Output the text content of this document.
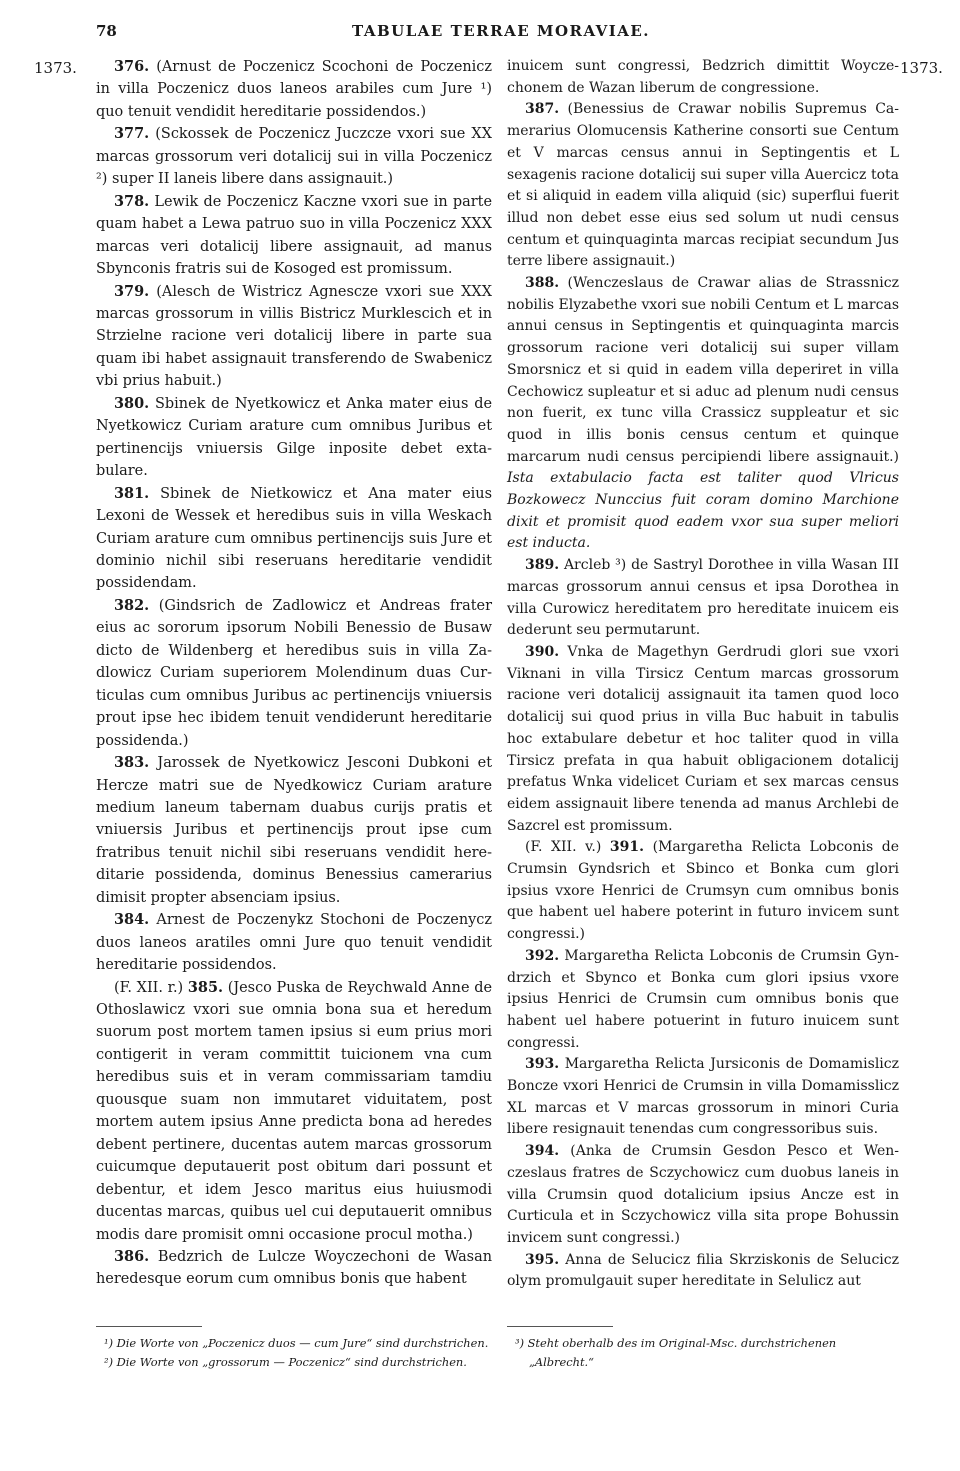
78	TABULAE TERRAE MORAVIAE.
1373.	1373.

376. (Arnust de Poczenicz Scochoni de Poczenicz in villa Poczenicz duos laneos arabiles cum Jure ¹) quo tenuit vendidit hereditarie possidendos.)

377. (Sckossek de Poczenicz Juczcze vxori sue XX marcas grossorum veri dotalicij sui in villa Poczenicz ²) super II laneis libere dans assignauit.)

378. Lewik de Poczenicz Kaczne vxori sue in parte quam habet a Lewa patruo suo in villa Poczenicz XXX marcas veri dotalicij libere assignauit, ad manus Sbynconis fratris sui de Kosoged est promissum.

379. (Alesch de Wistricz Agnescze vxori sue XXX marcas grossorum in villis Bistricz Murklescich et in Strzielne racione veri dotalicij libere in parte sua quam ibi habet assignauit transferendo de Swabenicz vbi prius habuit.)

380. Sbinek de Nyetkowicz et Anka mater eius de Nyetkowicz Curiam arature cum omnibus Juribus et pertinencijs vniuersis Gilge inposite debet extabulare.

381. Sbinek de Nietkowicz et Ana mater eius Lexoni de Wessek et heredibus suis in villa Weskach Curiam arature cum omnibus pertinencijs suis Jure et dominio nichil sibi reseruans hereditarie vendidit possidendam.

382. (Gindsrich de Zadlowicz et Andreas frater eius ac sororum ipsorum Nobili Benessio de Busaw dicto de Wildenberg et heredibus suis in villa Zadlowicz Curiam superiorem Molendinum duas Curticulas cum omnibus Juribus ac pertinencijs vniuersis prout ipse hec ibidem tenuit vendiderunt hereditarie possidenda.)

383. Jarossek de Nyetkowicz Jesconi Dubkoni et Hercze matri sue de Nyedkowicz Curiam arature medium laneum tabernam duabus curijs pratis et vniuersis Juribus et pertinencijs prout ipse cum fratribus tenuit nichil sibi reseruans vendidit hereditarie possidenda, dominus Benessius camerarius dimisit propter absenciam ipsius.

384. Arnest de Poczenykz Stochoni de Poczenycz duos laneos aratiles omni Jure quo tenuit vendidit hereditarie possidendos.

(F. XII. r.) 385. (Jesco Puska de Reychwald Anne de Othoslawicz vxori sue omnia bona sua et heredum suorum post mortem tamen ipsius si eum prius mori contigerit in veram committit tuicionem vna cum heredibus suis et in veram commissariam tamdiu quousque suam non immutaret viduitatem, post mortem autem ipsius Anne predicta bona ad heredes debent pertinere, ducentas autem marcas grossorum cuicumque deputauerit post obitum dari possunt et debentur, et idem Jesco maritus eius huiusmodi ducentas marcas, quibus uel cui deputauerit omnibus modis dare promisit omni occasione procul motha.)

386. Bedzrich de Lulcze Woyczechoni de Wasan heredesque eorum cum omnibus bonis que habent

inuicem sunt congressi, Bedzrich dimittit Woyczechonem de Wazan liberum de congressione.

387. (Benessius de Crawar nobilis Supremus Camerarius Olomucensis Katherine consorti sue Centum et V marcas census annui in Septingentis et L sexagenis racione dotalicij sui super villa Auercicz tota et si aliquid in eadem villa aliquid (sic) superflui fuerit illud non debet esse eius sed solum ut nudi census centum et quinquaginta marcas recipiat secundum Jus terre libere assignauit.)

388. (Wenczeslaus de Crawar alias de Strassnicz nobilis Elyzabethe vxori sue nobili Centum et L marcas annui census in Septingentis et quinquaginta marcis grossorum racione veri dotalicij sui super villam Smorsnicz et si quid in eadem villa deperiret in villa Cechowicz supleatur et si aduc ad plenum nudi census non fuerit, ex tunc villa Crassicz suppleatur et sic quod in illis bonis census centum et quinque marcarum nudi census percipiendi libere assignauit.) Ista extabulacio facta est taliter quod Vlricus Bozkowecz Nunccius fuit coram domino Marchione dixit et promisit quod eadem vxor sua super meliori est inducta.

389. Arcleb ³) de Sastryl Dorothee in villa Wasan III marcas grossorum annui census et ipsa Dorothea in villa Curowicz hereditatem pro hereditate inuicem eis dederunt seu permutarunt.

390. Vnka de Magethyn Gerdrudi glori sue vxori Viknani in villa Tirsicz Centum marcas grossorum racione veri dotalicij assignauit ita tamen quod loco dotalicij sui quod prius in villa Buc habuit in tabulis hoc extabulare debetur et hoc taliter quod in villa Tirsicz prefata in qua habuit obligacionem dotalicij prefatus Wnka videlicet Curiam et sex marcas census eidem assignauit libere tenenda ad manus Archlebi de Sazcrel est promissum.

(F. XII. v.) 391. (Margaretha Relicta Lobconis de Crumsin Gyndsrich et Sbinco et Bonka cum glori ipsius vxore Henrici de Crumsyn cum omnibus bonis que habent uel habere poterint in futuro invicem sunt congressi.)

392. Margaretha Relicta Lobconis de Crumsin Gyndrzich et Sbynco et Bonka cum glori ipsius vxore ipsius Henrici de Crumsin cum omnibus bonis que habent uel habere potuerint in futuro inuicem sunt congressi.

393. Margaretha Relicta Jursiconis de Domamislicz Boncze vxori Henrici de Crumsin in villa Domamisslicz XL marcas et V marcas grossorum in minori Curia libere resignauit tenendas cum congressoribus suis.

394. (Anka de Crumsin Gesdon Pesco et Wenczeslaus fratres de Sczychowicz cum duobus laneis in villa Crumsin quod dotalicium ipsius Ancze est in Curticula et in Sczychowicz villa sita prope Bohussin invicem sunt congressi.)

395. Anna de Selucicz filia Skrziskonis de Selucicz olym promulgauit super hereditate in Selulicz aut

¹) Die Worte von „Poczenicz duos — cum Jure“ sind durchstrichen.

²) Die Worte von „grossorum — Poczenicz“ sind durchstrichen.

³) Steht oberhalb des im Original-Msc. durchstrichenen „Albrecht.“
